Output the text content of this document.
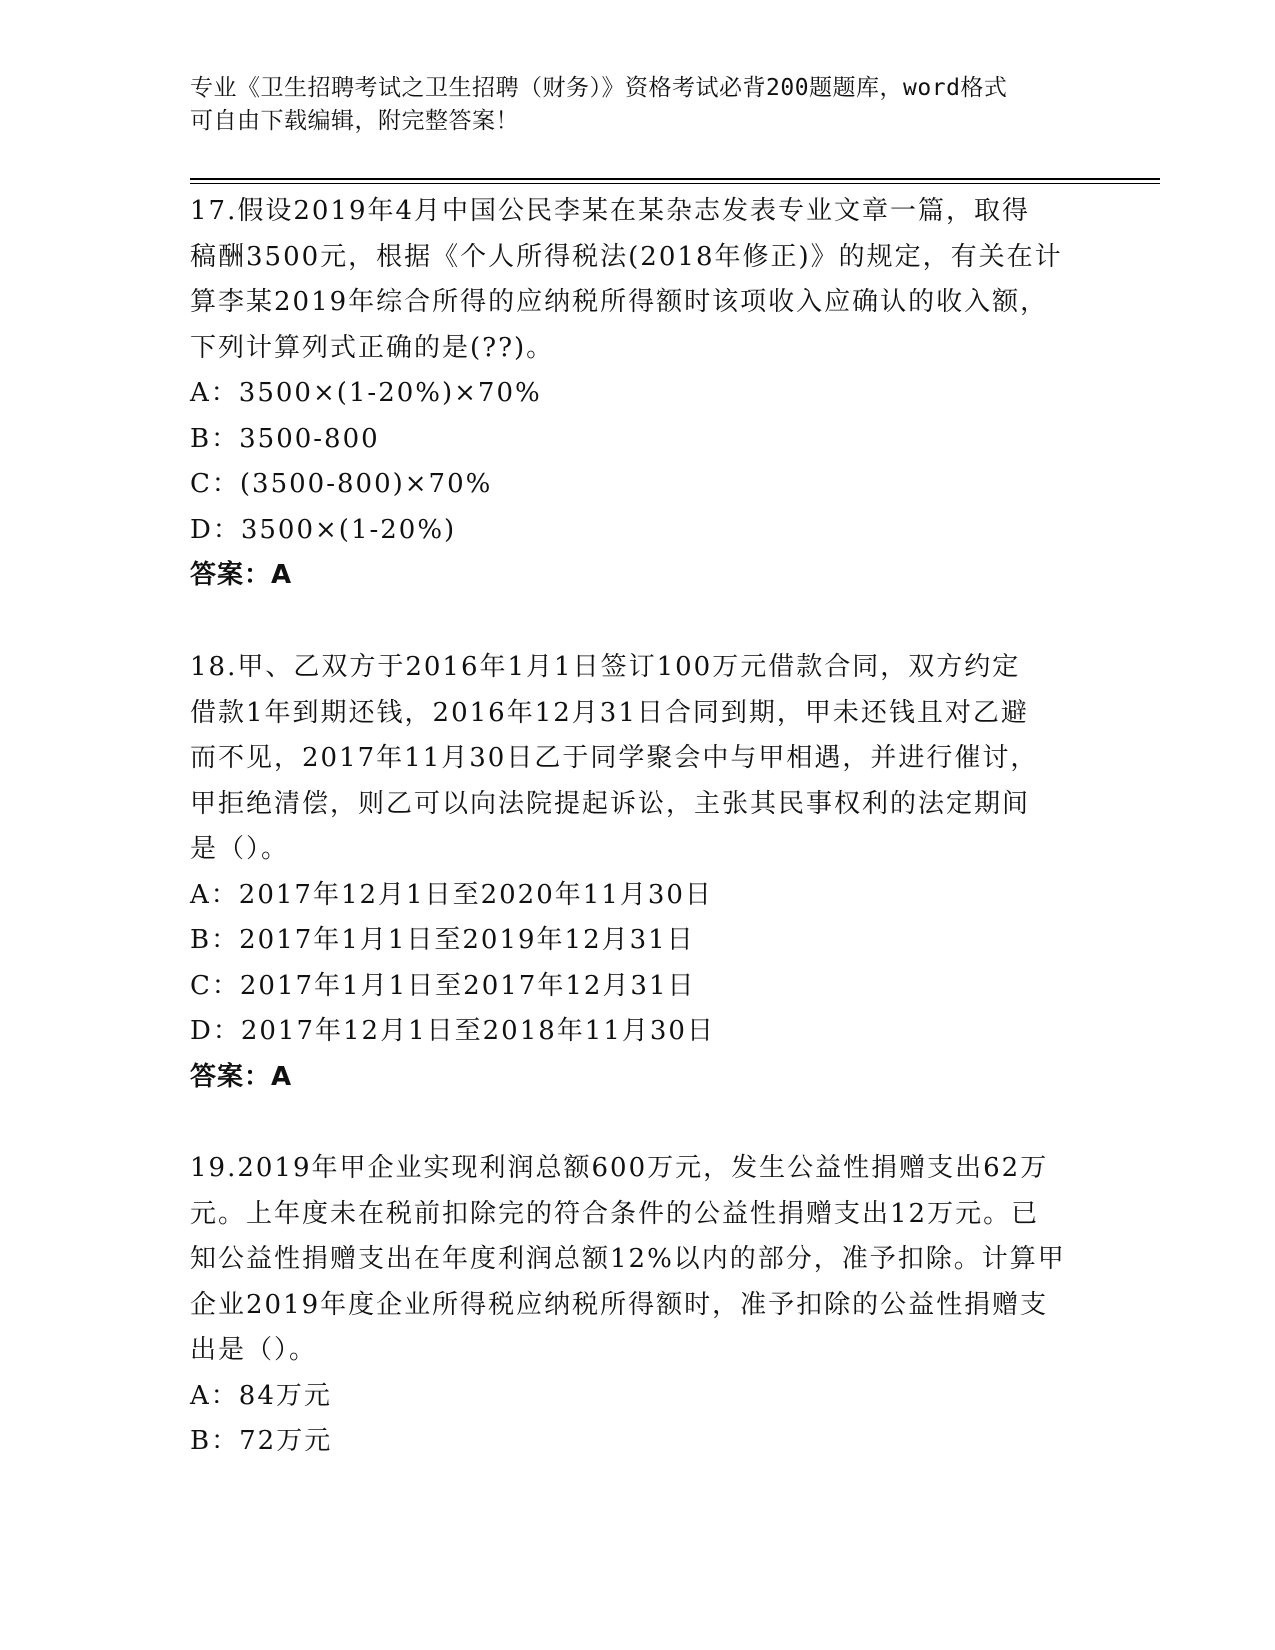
专业《卫生招聘考试之卫生招聘（财务）》资格考试必背200题题库，word格式
可自由下载编辑，附完整答案！
17.假设2019年4月中国公民李某在某杂志发表专业文章一篇，取得
稿酬3500元，根据《个人所得税法(2018年修正)》的规定，有关在计
算李某2019年综合所得的应纳税所得额时该项收入应确认的收入额，
下列计算列式正确的是(??)。
A：3500×(1-20%)×70%
B：3500-800
C：(3500-800)×70%
D：3500×(1-20%)
答案：A
18.甲、乙双方于2016年1月1日签订100万元借款合同，双方约定
借款1年到期还钱，2016年12月31日合同到期，甲未还钱且对乙避
而不见，2017年11月30日乙于同学聚会中与甲相遇，并进行催讨，
甲拒绝清偿，则乙可以向法院提起诉讼，主张其民事权利的法定期间
是（）。
A：2017年12月1日至2020年11月30日
B：2017年1月1日至2019年12月31日
C：2017年1月1日至2017年12月31日
D：2017年12月1日至2018年11月30日
答案：A
19.2019年甲企业实现利润总额600万元，发生公益性捐赠支出62万
元。上年度未在税前扣除完的符合条件的公益性捐赠支出12万元。已
知公益性捐赠支出在年度利润总额12%以内的部分，准予扣除。计算甲
企业2019年度企业所得税应纳税所得额时，准予扣除的公益性捐赠支
出是（）。
A：84万元
B：72万元
